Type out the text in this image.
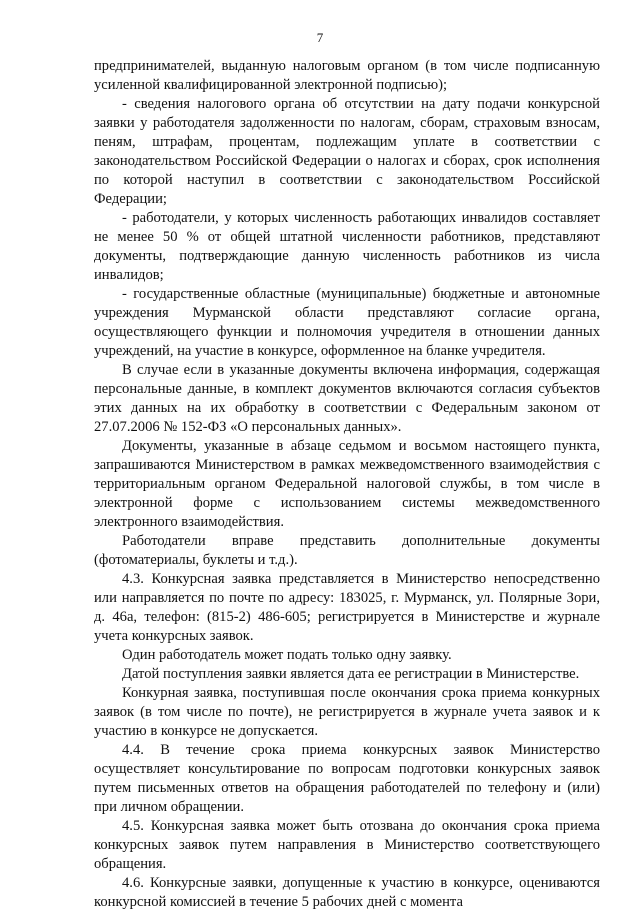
7

предпринимателей, выданную налоговым органом (в том числе подписанную усиленной квалифицированной электронной подписью);

- сведения налогового органа об отсутствии на дату подачи конкурсной заявки у работодателя задолженности по налогам, сборам, страховым взносам, пеням, штрафам, процентам, подлежащим уплате в соответствии с законодательством Российской Федерации о налогах и сборах, срок исполнения по которой наступил в соответствии с законодательством Российской Федерации;

- работодатели, у которых численность работающих инвалидов составляет не менее 50 % от общей штатной численности работников, представляют документы, подтверждающие данную численность работников из числа инвалидов;

- государственные областные (муниципальные) бюджетные и автономные учреждения Мурманской области представляют согласие органа, осуществляющего функции и полномочия учредителя в отношении данных учреждений, на участие в конкурсе, оформленное на бланке учредителя.

В случае если в указанные документы включена информация, содержащая персональные данные, в комплект документов включаются согласия субъектов этих данных на их обработку в соответствии с Федеральным законом от 27.07.2006 № 152-ФЗ «О персональных данных».

Документы, указанные в абзаце седьмом и восьмом настоящего пункта, запрашиваются Министерством в рамках межведомственного взаимодействия с территориальным органом Федеральной налоговой службы, в том числе в электронной форме с использованием системы межведомственного электронного взаимодействия.

Работодатели вправе представить дополнительные документы (фотоматериалы, буклеты и т.д.).

4.3. Конкурсная заявка представляется в Министерство непосредственно или направляется по почте по адресу: 183025, г. Мурманск, ул. Полярные Зори, д. 46а, телефон: (815-2) 486-605; регистрируется в Министерстве и журнале учета конкурсных заявок.

Один работодатель может подать только одну заявку.

Датой поступления заявки является дата ее регистрации в Министерстве.

Конкурная заявка, поступившая после окончания срока приема конкурных заявок (в том числе по почте), не регистрируется в журнале учета заявок и к участию в конкурсе не допускается.

4.4. В течение срока приема конкурсных заявок Министерство осуществляет консультирование по вопросам подготовки конкурсных заявок путем письменных ответов на обращения работодателей по телефону и (или) при личном обращении.

4.5. Конкурсная заявка может быть отозвана до окончания срока приема конкурсных заявок путем направления в Министерство соответствующего обращения.

4.6. Конкурсные заявки, допущенные к участию в конкурсе, оцениваются конкурсной комиссией в течение 5 рабочих дней с момента
